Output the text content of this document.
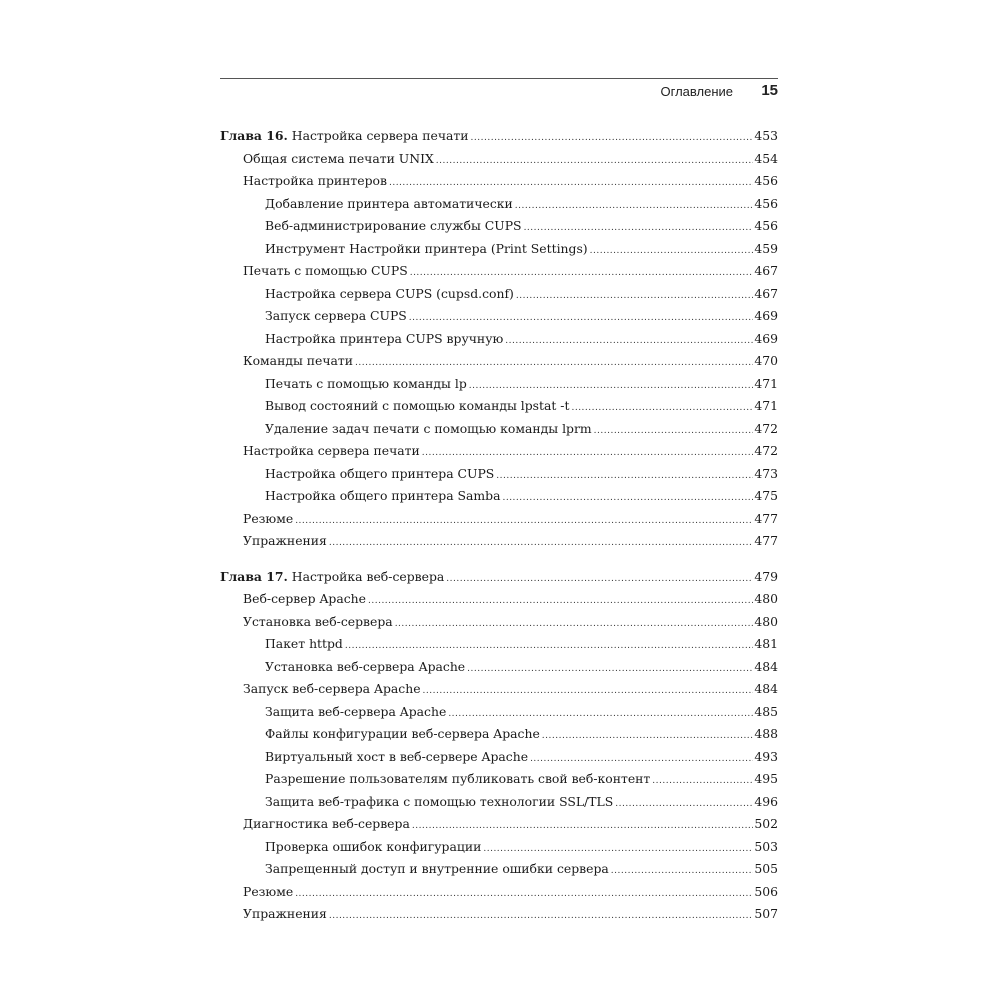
Оглавление 15
Глава 16. Настройка сервера печати .....	453
Общая система печати UNIX .....	454
Настройка принтеров .....	456
Добавление принтера автоматически .....	456
Веб-администрирование службы CUPS .....	456
Инструмент Настройки принтера (Print Settings) .....	459
Печать с помощью CUPS .....	467
Настройка сервера CUPS (cupsd.conf) .....	467
Запуск сервера CUPS .....	469
Настройка принтера CUPS вручную .....	469
Команды печати .....	470
Печать с помощью команды lp .....	471
Вывод состояний с помощью команды lpstat -t .....	471
Удаление задач печати с помощью команды lprm .....	472
Настройка сервера печати .....	472
Настройка общего принтера CUPS .....	473
Настройка общего принтера Samba .....	475
Резюме .....	477
Упражнения .....	477
Глава 17. Настройка веб-сервера .....	479
Веб-сервер Apache .....	480
Установка веб-сервера .....	480
Пакет httpd .....	481
Установка веб-сервера Apache .....	484
Запуск веб-сервера Apache .....	484
Защита веб-сервера Apache .....	485
Файлы конфигурации веб-сервера Apache .....	488
Виртуальный хост в веб-сервере Apache .....	493
Разрешение пользователям публиковать свой веб-контент .....	495
Защита веб-трафика с помощью технологии SSL/TLS .....	496
Диагностика веб-сервера .....	502
Проверка ошибок конфигурации .....	503
Запрещенный доступ и внутренние ошибки сервера .....	505
Резюме .....	506
Упражнения .....	507
